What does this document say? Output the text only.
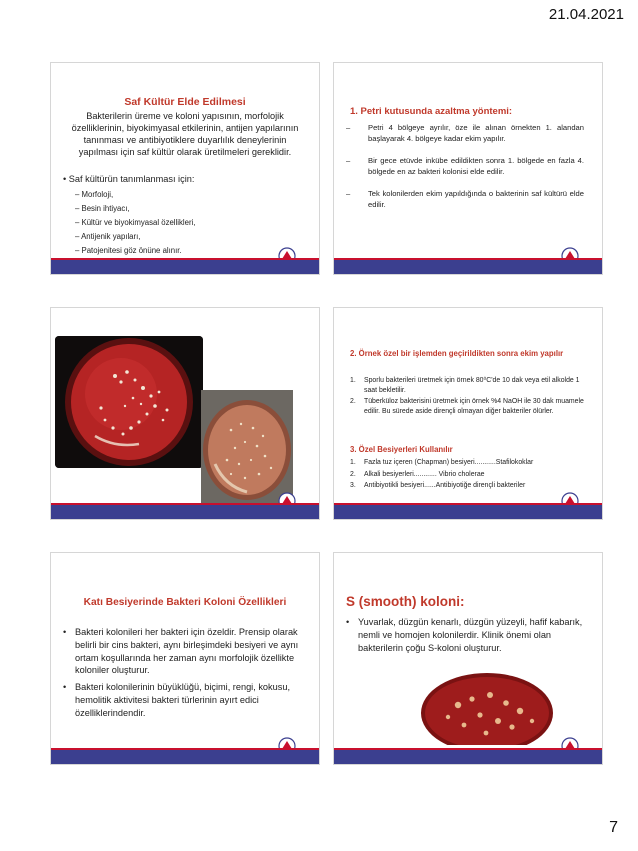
21.04.2021
Saf Kültür Elde Edilmesi
Bakterilerin üreme ve koloni yapısının, morfolojik özelliklerinin, biyokimyasal etkilerinin, antijen yapılarının tanınması ve antibiyotiklere duyarlılık deneylerinin yapılması için saf kültür olarak üretilmeleri gereklidir.
• Saf kültürün tanımlanması için:
– Morfoloji,
– Besin ihtiyacı,
– Kültür ve biyokimyasal özellikleri,
– Antijenik yapıları,
– Patojenitesi göz önüne alınır.
1. Petri kutusunda azaltma yöntemi:
–	Petri 4 bölgeye ayrılır, öze ile alınan örnekten 1. alandan başlayarak 4. bölgeye kadar ekim yapılır.
–	Bir gece etüvde inkübe edildikten sonra 1. bölgede en fazla 4. bölgede en az bakteri kolonisi elde edilir.
–	Tek kolonilerden ekim yapıldığında o bakterinin saf kültürü elde edilir.
2. Örnek özel bir işlemden geçirildikten sonra ekim yapılır
1.	Sporlu bakterileri üretmek için örnek 80⁰C'de 10 dak veya etil alkolde 1 saat bekletilir.
2.	Tüberküloz bakterisini üretmek için örnek %4 NaOH ile 30 dak muamele edilir. Bu sürede aside dirençli olmayan diğer bakteriler ölürler.
3. Özel Besiyerleri Kullanılır
1.	Fazla tuz içeren (Chapman) besiyeri...........Stafilokoklar
2.	Alkali besiyerleri............ Vibrio cholerae
3.	Antibiyotikli besiyeri......Antibiyotiğe dirençli bakteriler
Katı Besiyerinde Bakteri Koloni Özellikleri
• Bakteri kolonileri her bakteri için özeldir. Prensip olarak belirli bir cins bakteri, aynı birleşimdeki besiyeri ve aynı ortam koşullarında her zaman aynı morfolojik özellikte koloniler oluşturur.
• Bakteri kolonilerinin büyüklüğü, biçimi, rengi, kokusu, hemolitik aktivitesi bakteri türlerinin ayırt edici özelliklerindendir.
S (smooth) koloni:
• Yuvarlak, düzgün kenarlı, düzgün yüzeyli, hafif kabarık, nemli ve homojen kolonilerdir. Klinik önemi olan bakterilerin çoğu S-koloni oluşturur.
7
